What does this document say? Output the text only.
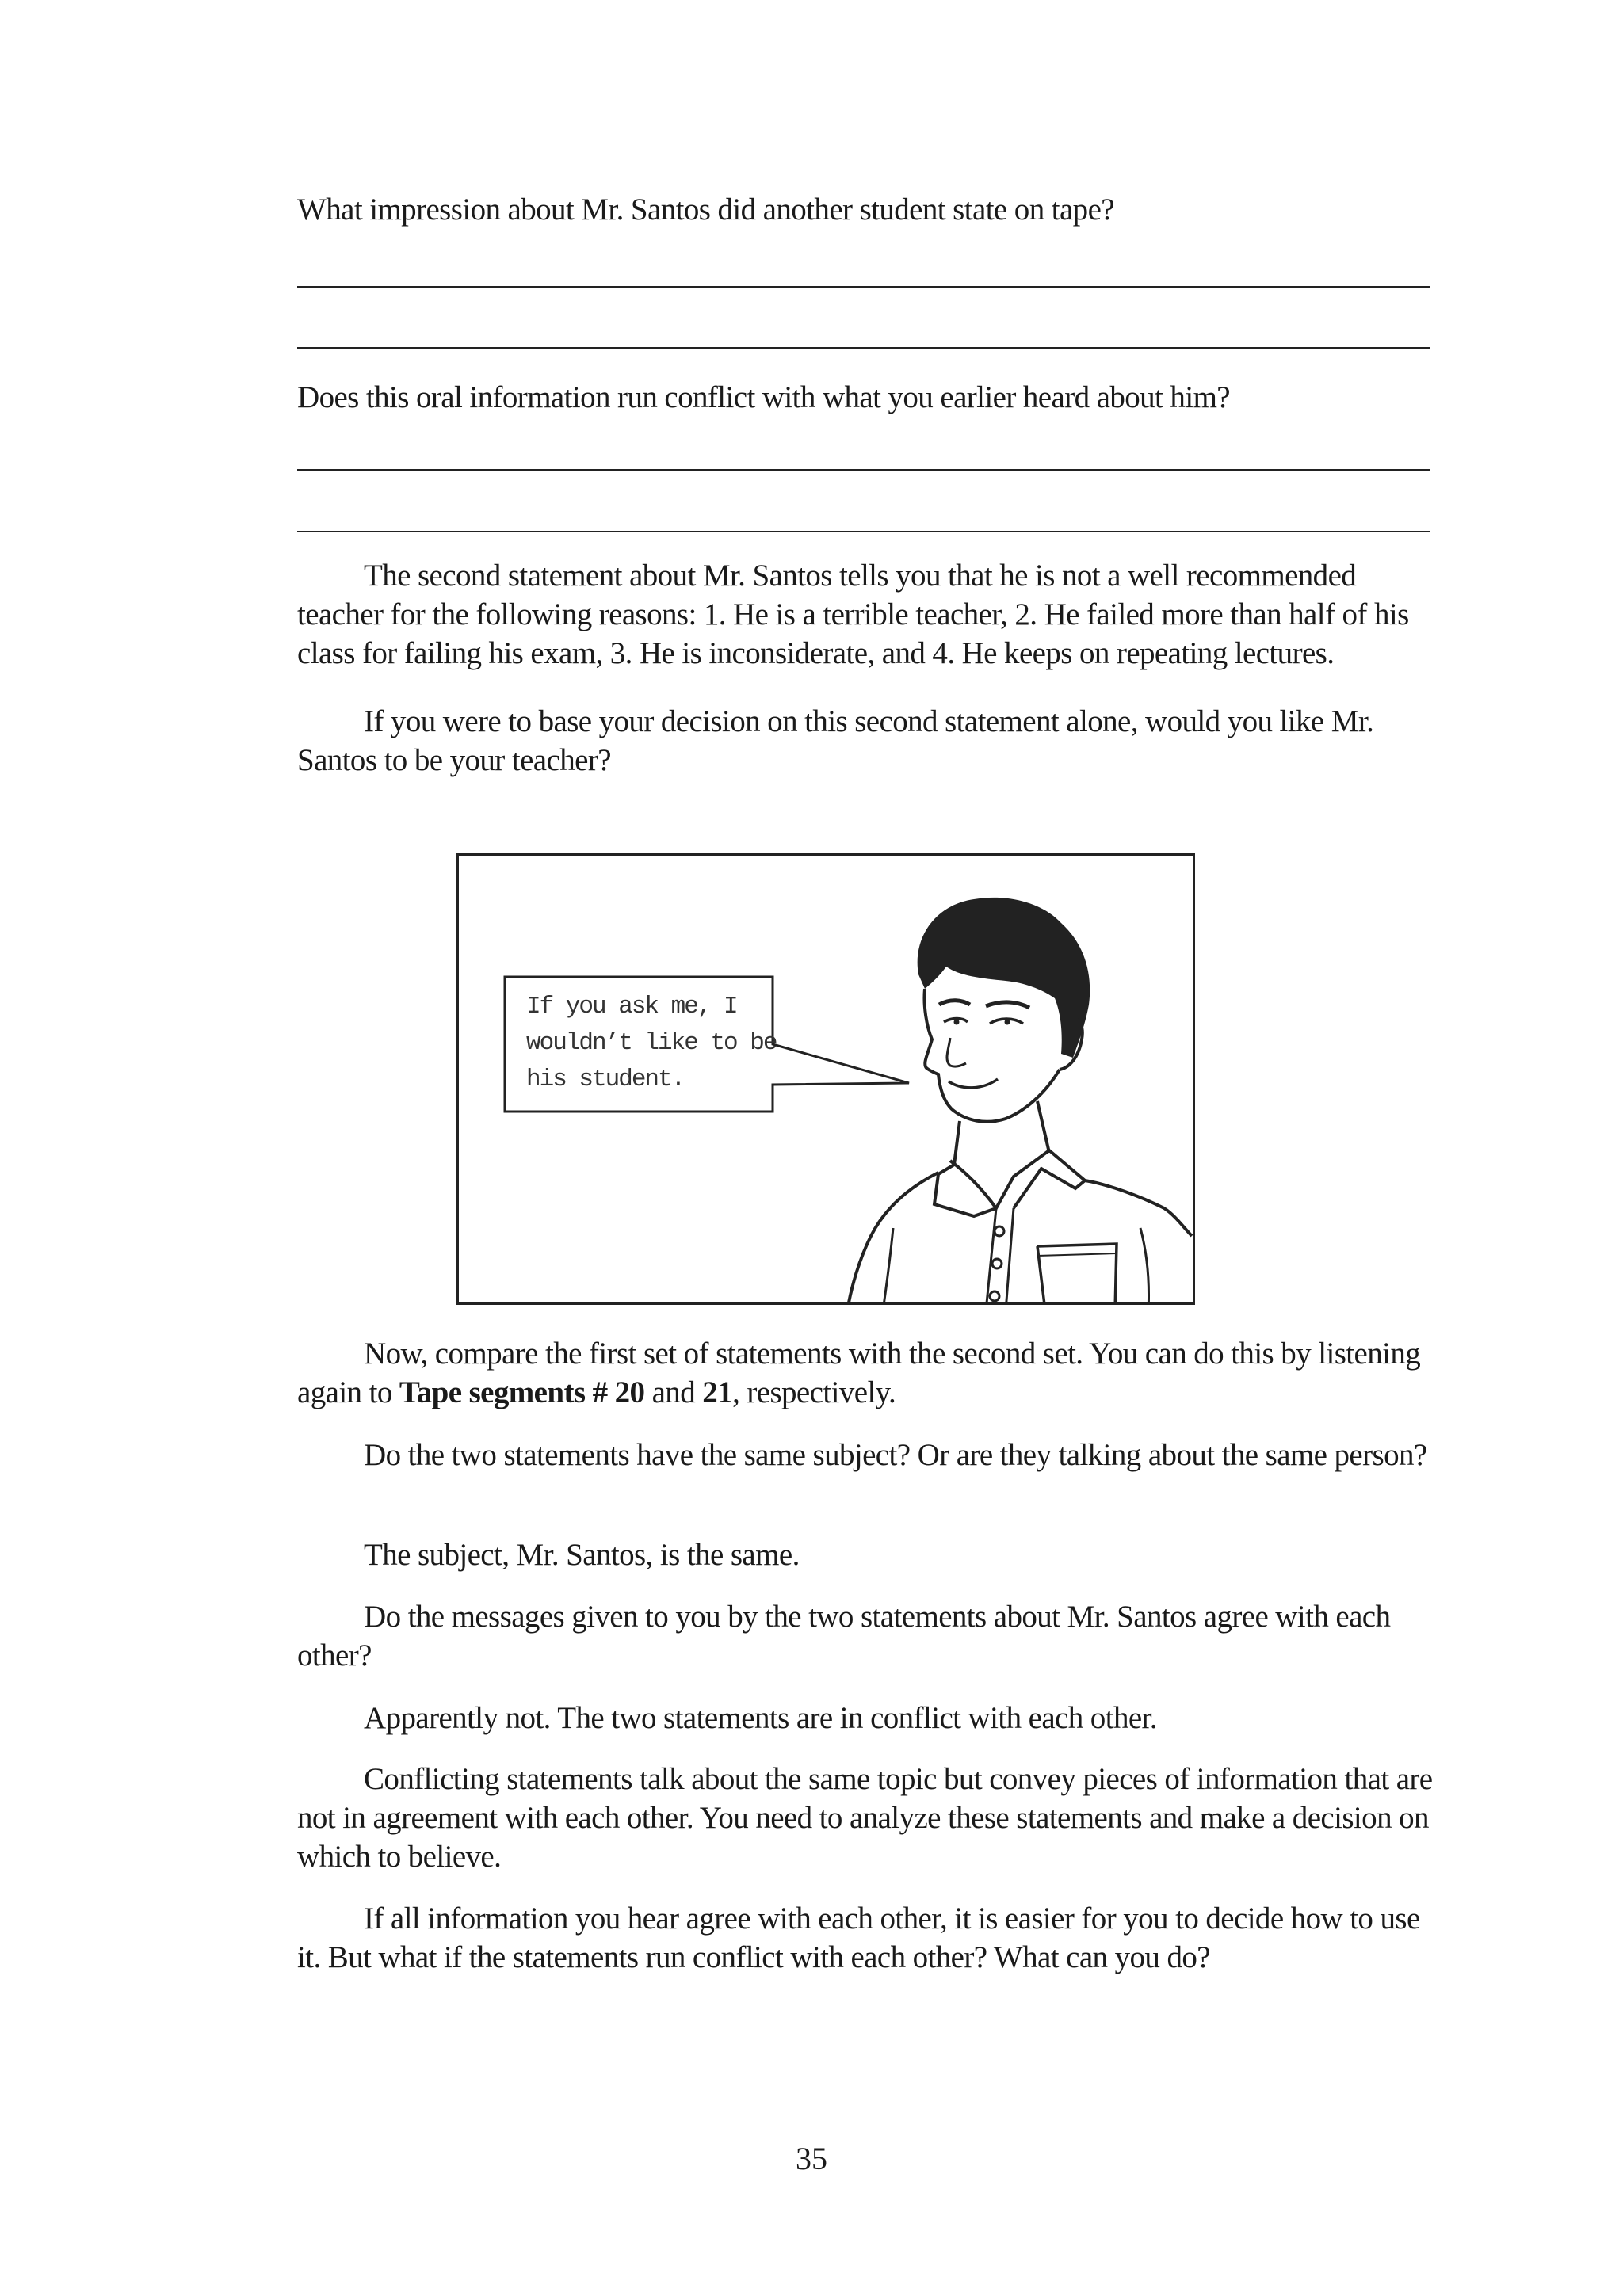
What impression about Mr. Santos did another student state on tape?

Does this oral information run conflict with what you earlier heard about him?

The second statement about Mr. Santos tells you that he is not a well recommended teacher for the following reasons: 1. He is a terrible teacher, 2. He failed more than half of his class for failing his exam, 3. He is inconsiderate, and 4. He keeps on repeating lectures.

If you were to base your decision on this second statement alone, would you like Mr. Santos to be your teacher?

If you ask me, I
wouldn’t like to be
his student.

Now, compare the first set of statements with the second set. You can do this by listening again to Tape segments # 20 and 21, respectively.

Do the two statements have the same subject? Or are they talking about the same person?

The subject, Mr. Santos, is the same.

Do the messages given to you by the two statements about Mr. Santos agree with each other?

Apparently not. The two statements are in conflict with each other.

Conflicting statements talk about the same topic but convey pieces of information that are not in agreement with each other. You need to analyze these statements and make a decision on which to believe.

If all information you hear agree with each other, it is easier for you to decide how to use it. But what if the statements run conflict with each other? What can you do?

35
